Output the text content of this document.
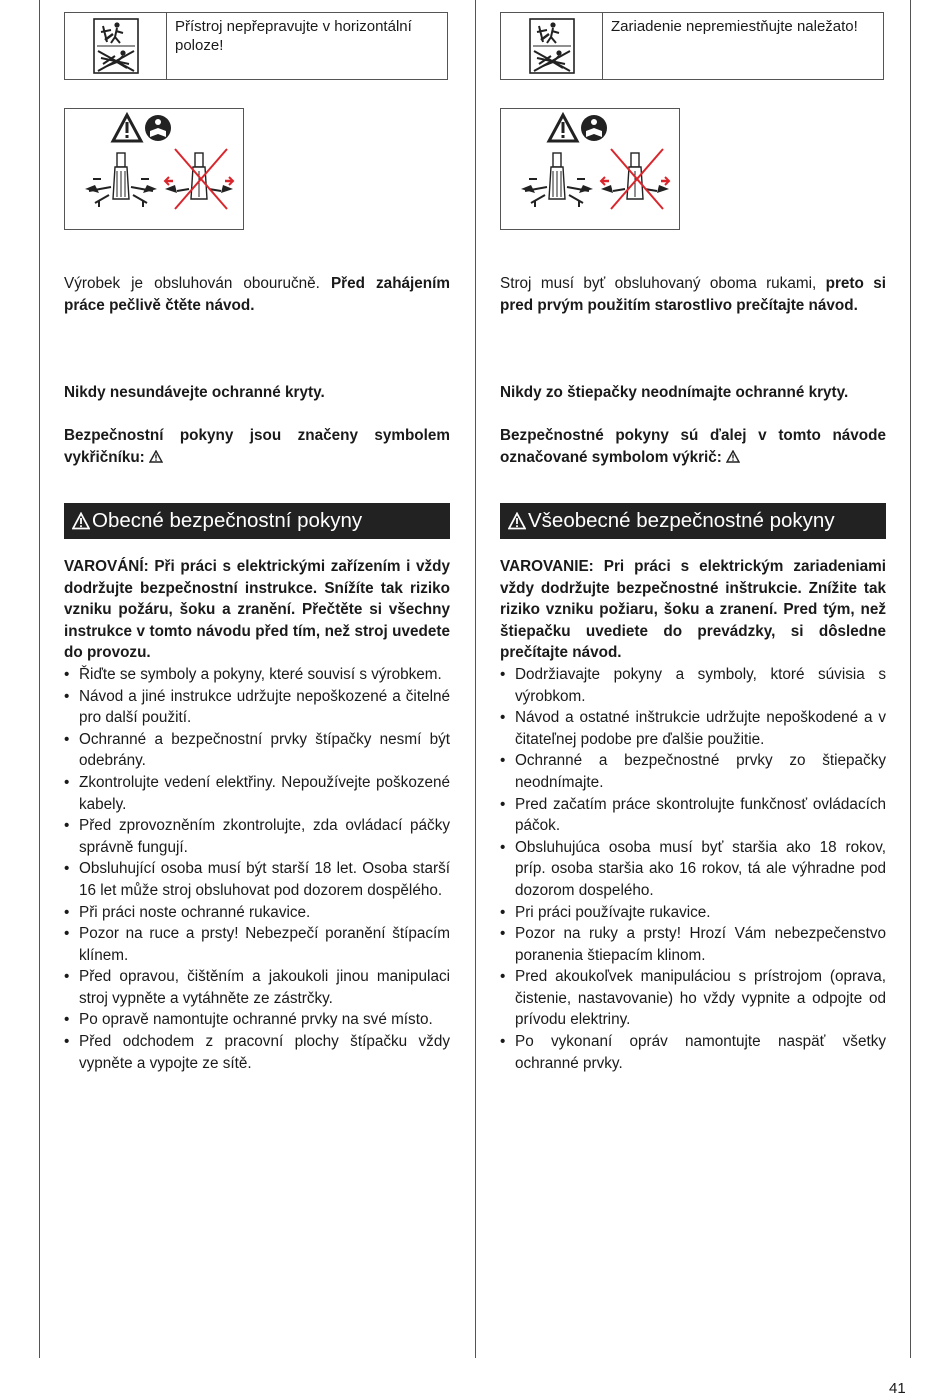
Přístroj nepřepravujte v horizontální poloze!
Výrobek je obsluhován obouručně. Před zahájením práce pečlivě čtěte návod.
Nikdy nesundávejte ochranné kryty.
Bezpečnostní pokyny jsou značeny symbolem vykřičníku:
Obecné bezpečnostní pokyny

VAROVÁNÍ: Při práci s elektrickými zařízením i vždy dodržujte bezpečnostní instrukce. Snížíte tak riziko vzniku požáru, šoku a zranění. Přečtěte si všechny instrukce v tomto návodu před tím, než stroj uvedete do provozu.

• Řiďte se symboly a pokyny, které souvisí s výrobkem.
• Návod a jiné instrukce udržujte nepoškozené a čitelné pro další použití.
• Ochranné a bezpečnostní prvky štípačky nesmí být odebrány.
• Zkontrolujte vedení elektřiny. Nepoužívejte poškozené kabely.
• Před zprovozněním zkontrolujte, zda ovládací páčky správně fungují.
• Obsluhující osoba musí být starší 18 let. Osoba starší 16 let může stroj obsluhovat pod dozorem dospělého.
• Při práci noste ochranné rukavice.
• Pozor na ruce a prsty! Nebezpečí poranění štípacím klínem.
• Před opravou, čištěním a jakoukoli jinou manipulaci stroj vypněte a vytáhněte ze zástrčky.
• Po opravě namontujte ochranné prvky na své místo.
• Před odchodem z pracovní plochy štípačku vždy vypněte a vypojte ze sítě.
Zariadenie nepremiestňujte naležato!
Stroj musí byť obsluhovaný oboma rukami, preto si pred prvým použitím starostlivo prečítajte návod.
Nikdy zo štiepačky neodnímajte ochranné kryty.
Bezpečnostné pokyny sú ďalej v tomto návode označované symbolom výkrič:
Všeobecné bezpečnostné pokyny

VAROVANIE: Pri práci s elektrickým zariadeniami vždy dodržujte bezpečnostné inštrukcie. Znížite tak riziko vzniku požiaru, šoku a zranení. Pred tým, než štiepačku uvediete do prevádzky, si dôsledne prečítajte návod.

• Dodržiavajte pokyny a symboly, ktoré súvisia s výrobkom.
• Návod a ostatné inštrukcie udržujte nepoškodené a v čitateľnej podobe pre ďalšie použitie.
• Ochranné a bezpečnostné prvky zo štiepačky neodnímajte.
• Pred začatím práce skontrolujte funkčnosť ovládacích páčok.
• Obsluhujúca osoba musí byť staršia ako 18 rokov, príp. osoba staršia ako 16 rokov, tá ale výhradne pod dozorom dospelého.
• Pri práci používajte rukavice.
• Pozor na ruky a prsty! Hrozí Vám nebezpečenstvo poranenia štiepacím klinom.
• Pred akoukoľvek manipuláciou s prístrojom (oprava, čistenie, nastavovanie) ho vždy vypnite a odpojte od prívodu elektriny.
• Po vykonaní opráv namontujte naspäť všetky ochranné prvky.
41
